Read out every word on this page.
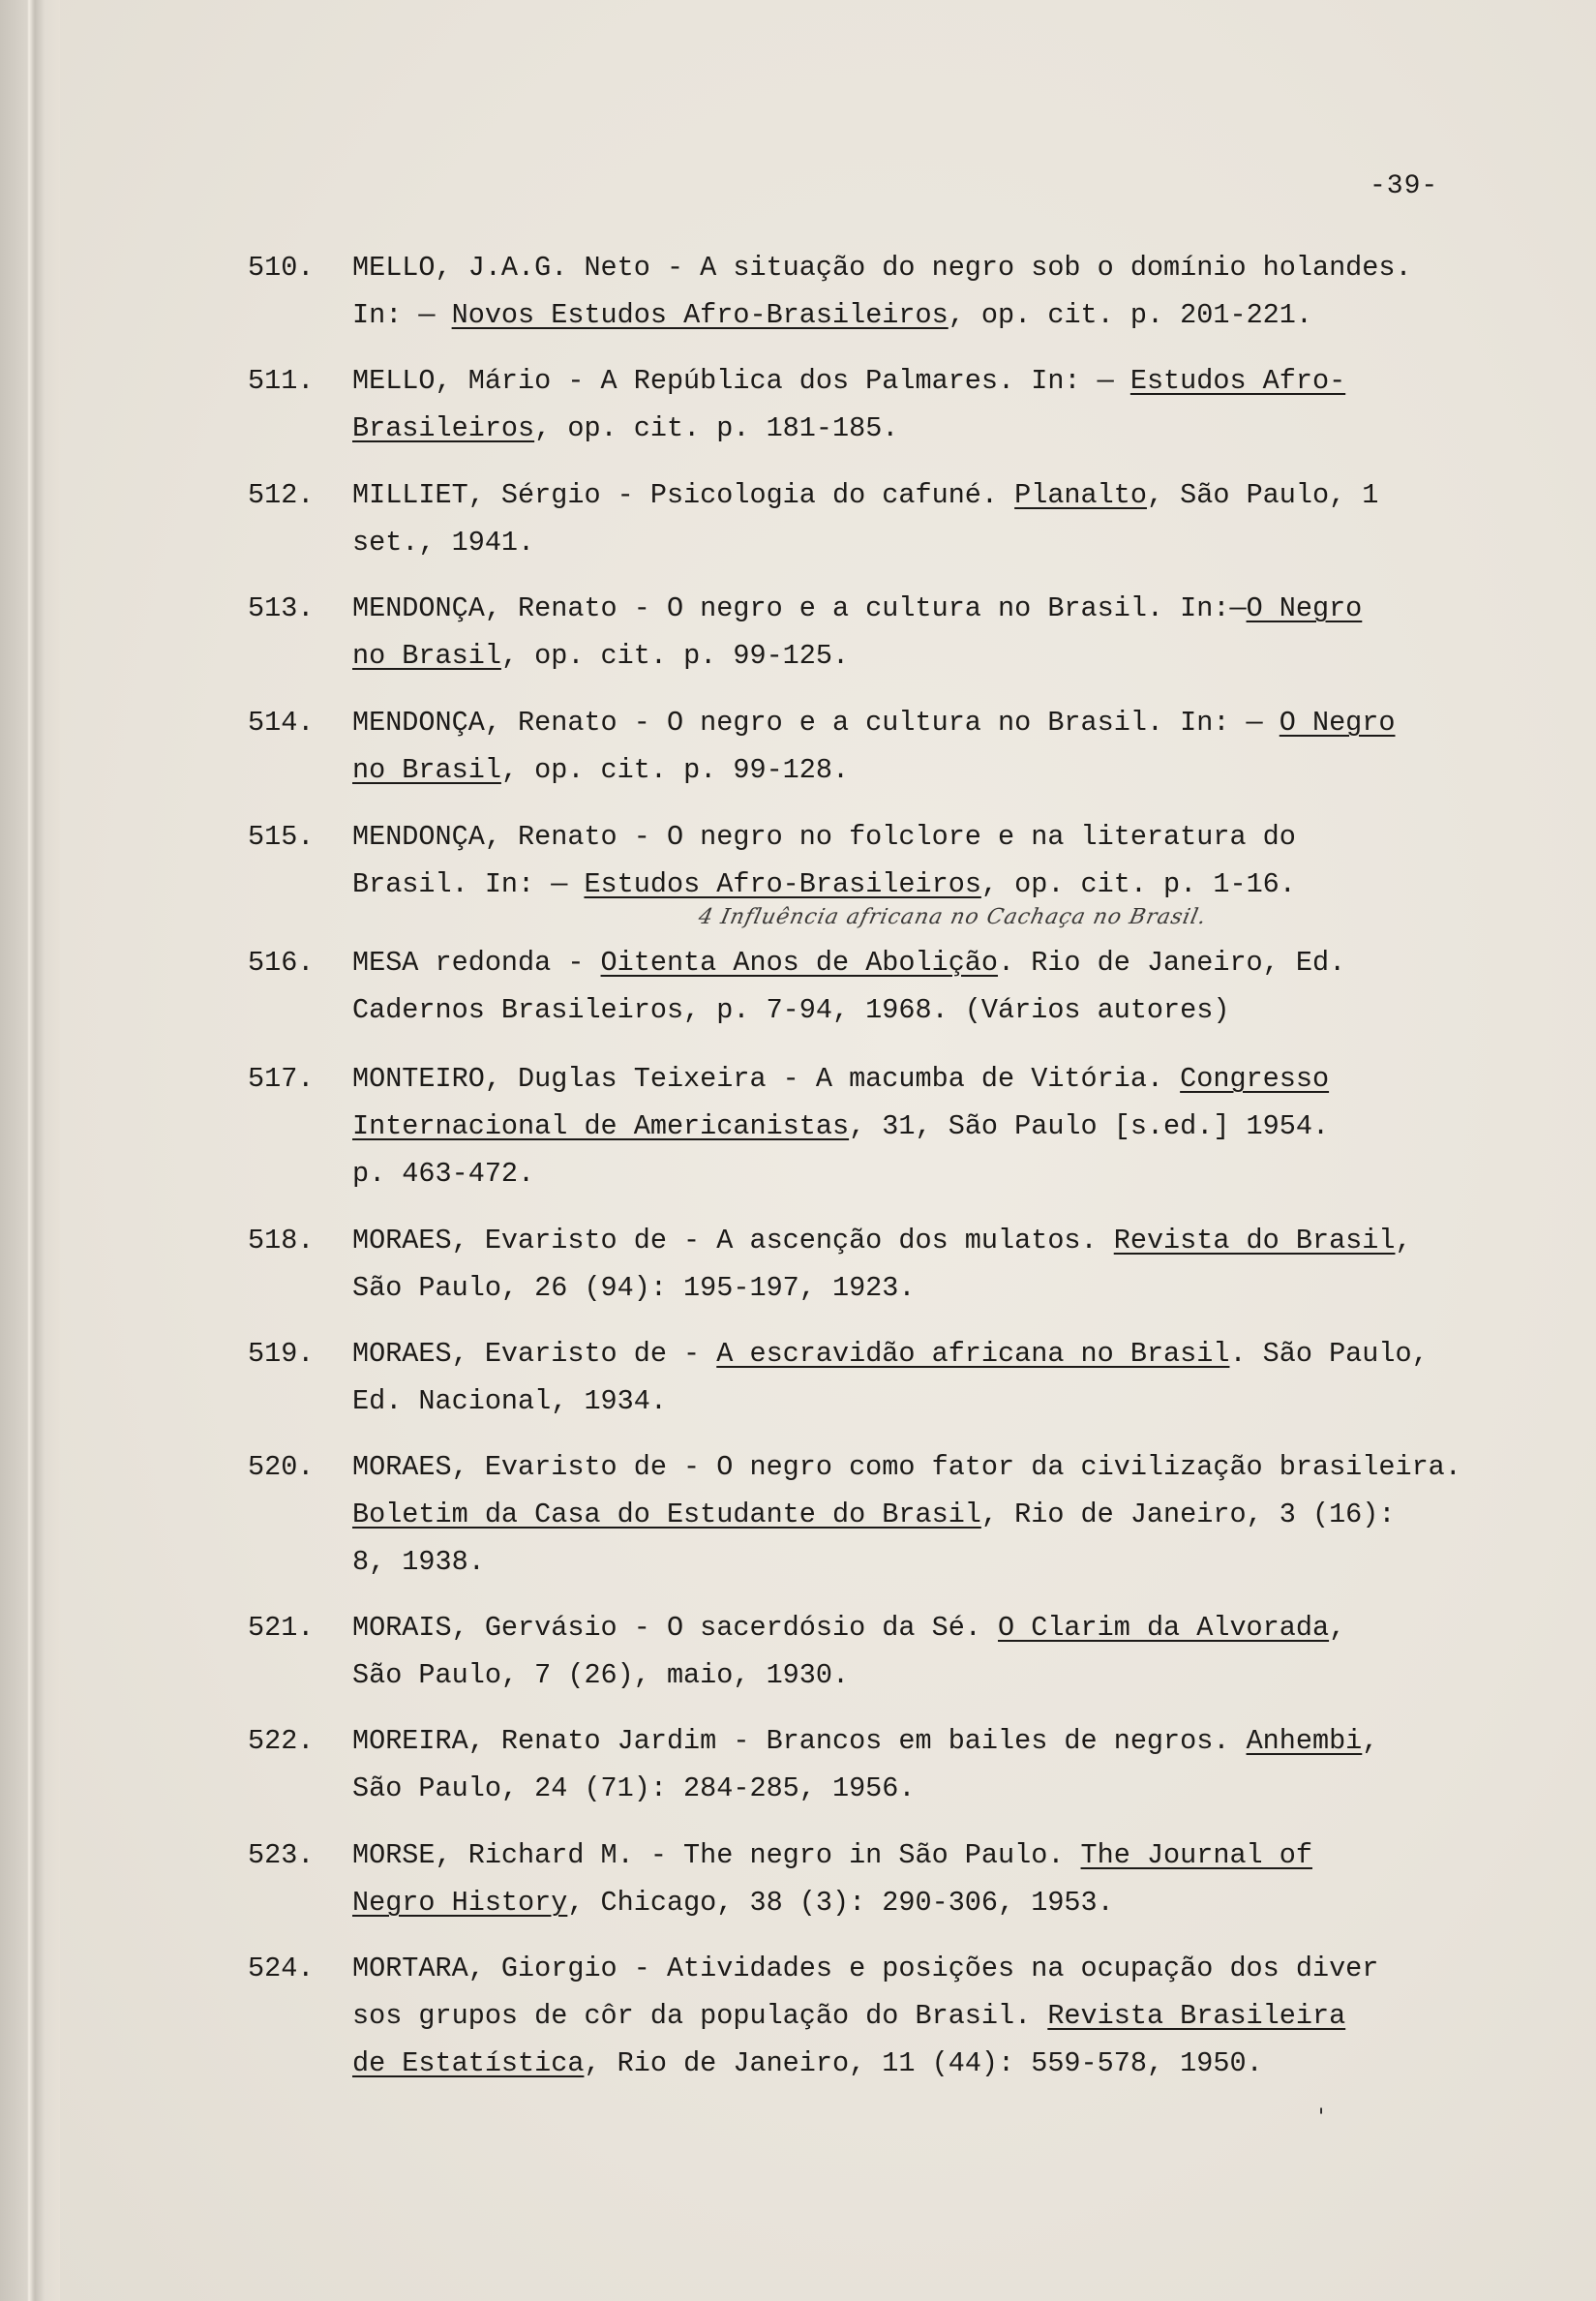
-39-
510. MELLO, J.A.G. Neto - A situação do negro sob o domínio holandes.
In: — Novos Estudos Afro-Brasileiros, op. cit. p. 201-221.
511. MELLO, Mário - A República dos Palmares. In: — Estudos Afro-
Brasileiros, op. cit. p. 181-185.
512. MILLIET, Sérgio - Psicologia do cafuné. Planalto, São Paulo, 1
set., 1941.
513. MENDONÇA, Renato - O negro e a cultura no Brasil. In:—O Negro
no Brasil, op. cit. p. 99-125.
514. MENDONÇA, Renato - O negro e a cultura no Brasil. In: — O Negro
no Brasil, op. cit. p. 99-128.
515. MENDONÇA, Renato - O negro no folclore e na literatura do
Brasil. In: — Estudos Afro-Brasileiros, op. cit. p. 1-16.
516. MESA redonda - Oitenta Anos de Abolição. Rio de Janeiro, Ed.
Cadernos Brasileiros, p. 7-94, 1968. (Vários autores)
517. MONTEIRO, Duglas Teixeira - A macumba de Vitória. Congresso
Internacional de Americanistas, 31, São Paulo [s.ed.] 1954.
p. 463-472.
518. MORAES, Evaristo de - A ascenção dos mulatos. Revista do Brasil,
São Paulo, 26 (94): 195-197, 1923.
519. MORAES, Evaristo de - A escravidão africana no Brasil. São Paulo,
Ed. Nacional, 1934.
520. MORAES, Evaristo de - O negro como fator da civilização brasileira.
Boletim da Casa do Estudante do Brasil, Rio de Janeiro, 3 (16):
8, 1938.
521. MORAIS, Gervásio - O sacerdósio da Sé. O Clarim da Alvorada,
São Paulo, 7 (26), maio, 1930.
522. MOREIRA, Renato Jardim - Brancos em bailes de negros. Anhembi,
São Paulo, 24 (71): 284-285, 1956.
523. MORSE, Richard M. - The negro in São Paulo. The Journal of
Negro History, Chicago, 38 (3): 290-306, 1953.
524. MORTARA, Giorgio - Atividades e posições na ocupação dos diver
sos grupos de côr da população do Brasil. Revista Brasileira
de Estatística, Rio de Janeiro, 11 (44): 559-578, 1950.
4 Influência africana no Cachaça no Brasil.
'
